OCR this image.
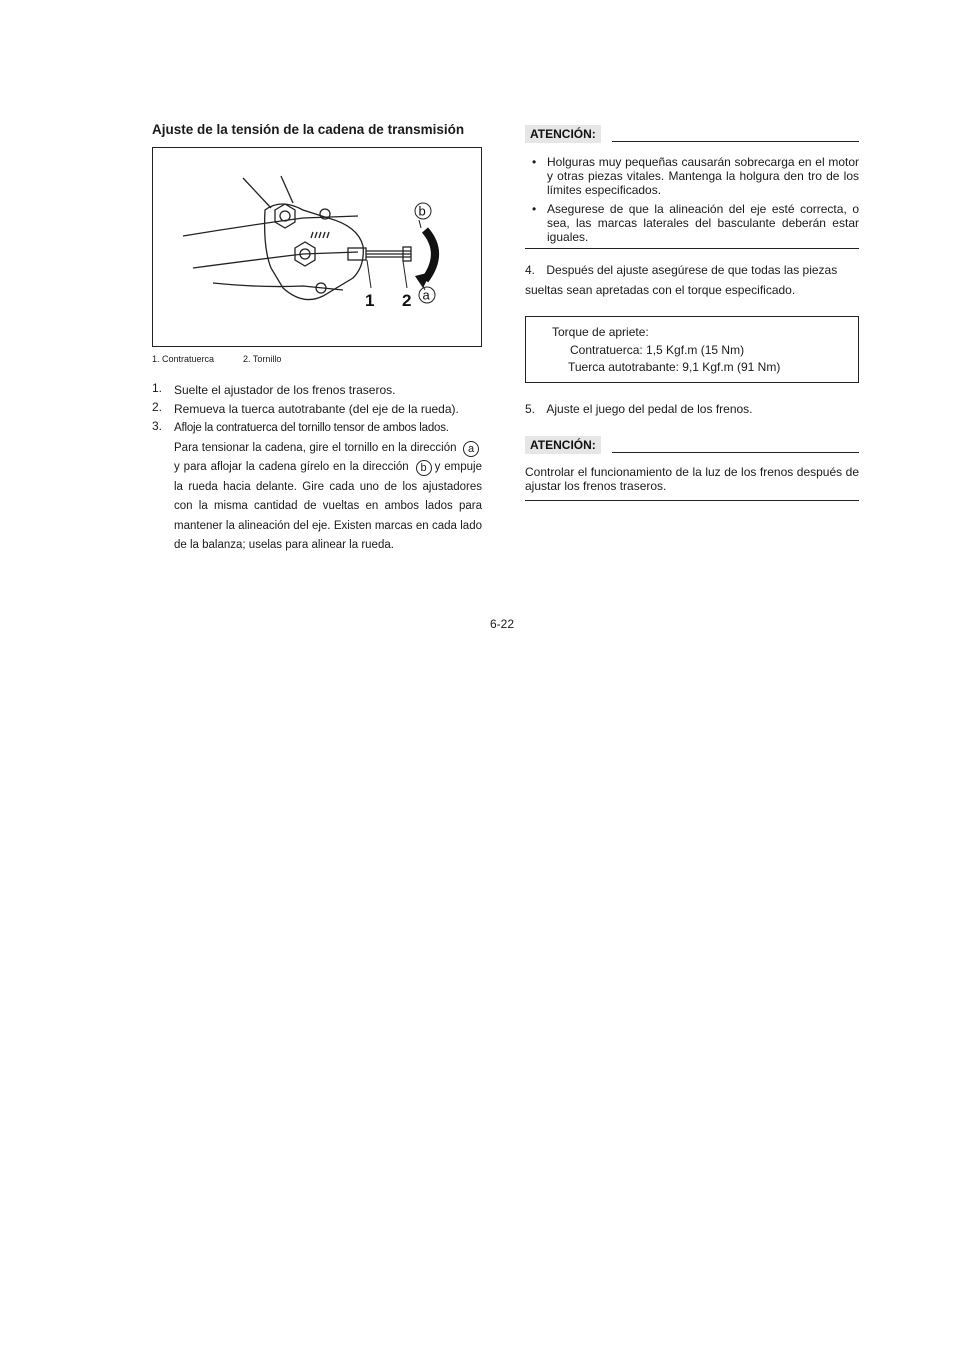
Ajuste de la tensión de la cadena de transmisión
1 2
b
a
1. Contratuerca	2. Tornillo
1. Suelte el ajustador de los frenos traseros.
2. Remueva la tuerca autotrabante (del eje de la rueda).
3. Afloje la contratuerca del tornillo tensor de ambos lados.
Para tensionar la cadena, gire el tornillo en la dirección ay para aflojar la cadena gírelo en la dirección b y empuje la rueda hacia delante. Gire cada uno de los ajustadores con la misma cantidad de vueltas en ambos lados para mantener la alineación del eje. Existen marcas en cada lado de la balanza; uselas para alinear la rueda.
ATENCIÓN:
• Holguras muy pequeñas causarán sobrecarga en el motor y otras piezas vitales. Mantenga la holgura den tro de los límites especificados.
• Asegurese de que la alineación del eje esté correcta, o sea, las marcas laterales del basculante deberán estar iguales.
4. Después del ajuste asegúrese de que todas las piezas
sueltas sean apretadas con el torque especificado.
Torque de apriete:
Contratuerca: 1,5 Kgf.m (15 Nm)
Tuerca autotrabante: 9,1 Kgf.m (91 Nm)
5. Ajuste el juego del pedal de los frenos.
ATENCIÓN:
Controlar el funcionamiento de la luz de los frenos después de ajustar los frenos traseros.
6-22
